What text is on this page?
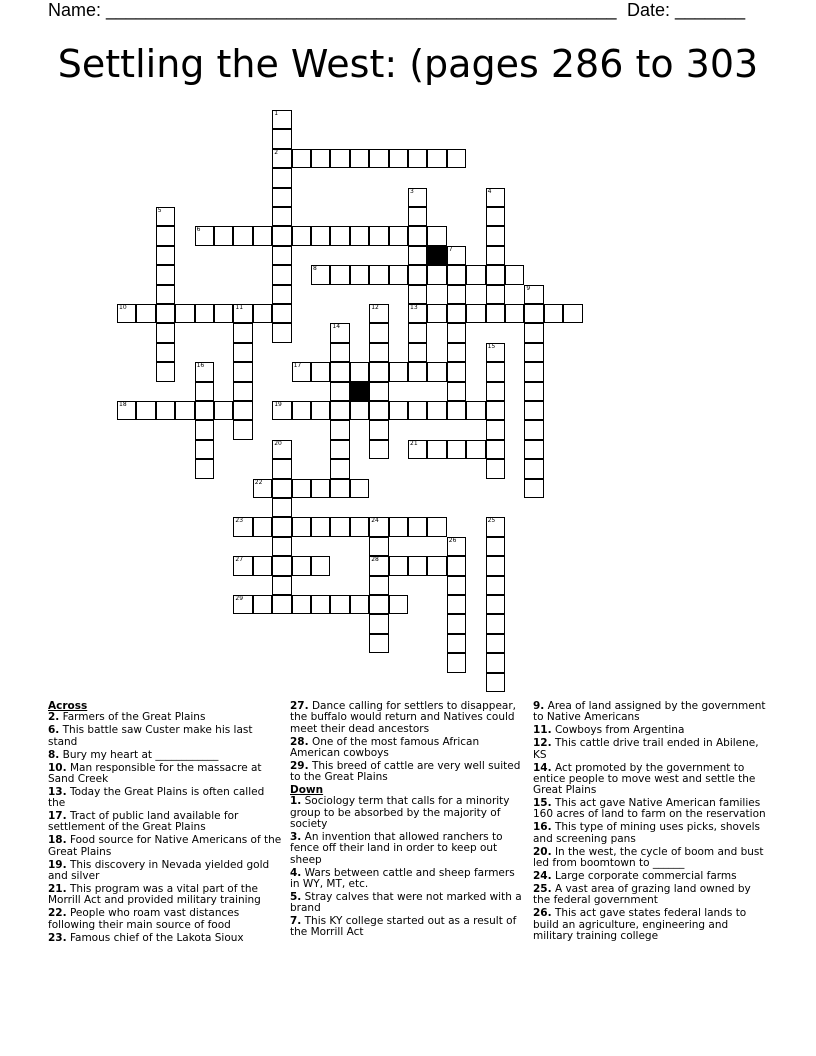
Name: ___________________________________________________ Date: _______
Settling the West: (pages 286 to 303
1
2
3
13
4
5
6
7
8
9
10	11	12
14
15
16	17
18	19
20	21
22
23	24
28
25
26
27
29
Across
2. Farmers of the Great Plains
6. This battle saw Custer make his last stand
8. Bury my heart at ____________
10. Man responsible for the massacre at Sand Creek
13. Today the Great Plains is often called the
17. Tract of public land available for settlement of the Great Plains
18. Food source for Native Americans of the Great Plains
19. This discovery in Nevada yielded gold and silver
21. This program was a vital part of the Morrill Act and provided military training
22. People who roam vast distances following their main source of food
23. Famous chief of the Lakota Sioux
27. Dance calling for settlers to disappear, the buffalo would return and Natives could meet their dead ancestors
28. One of the most famous African American cowboys
29. This breed of cattle are very well suited to the Great Plains
Down
1. Sociology term that calls for a minority group to be absorbed by the majority of society
3. An invention that allowed ranchers to fence off their land in order to keep out sheep
4. Wars between cattle and sheep farmers in WY, MT, etc.
5. Stray calves that were not marked with a brand
7. This KY college started out as a result of the Morrill Act
9. Area of land assigned by the government to Native Americans
11. Cowboys from Argentina
12. This cattle drive trail ended in Abilene, KS
14. Act promoted by the government to entice people to move west and settle the Great Plains
15. This act gave Native American families 160 acres of land to farm on the reservation
16. This type of mining uses picks, shovels and screening pans
20. In the west, the cycle of boom and bust led from boomtown to ______
24. Large corporate commercial farms
25. A vast area of grazing land owned by the federal government
26. This act gave states federal lands to build an agriculture, engineering and military training college
